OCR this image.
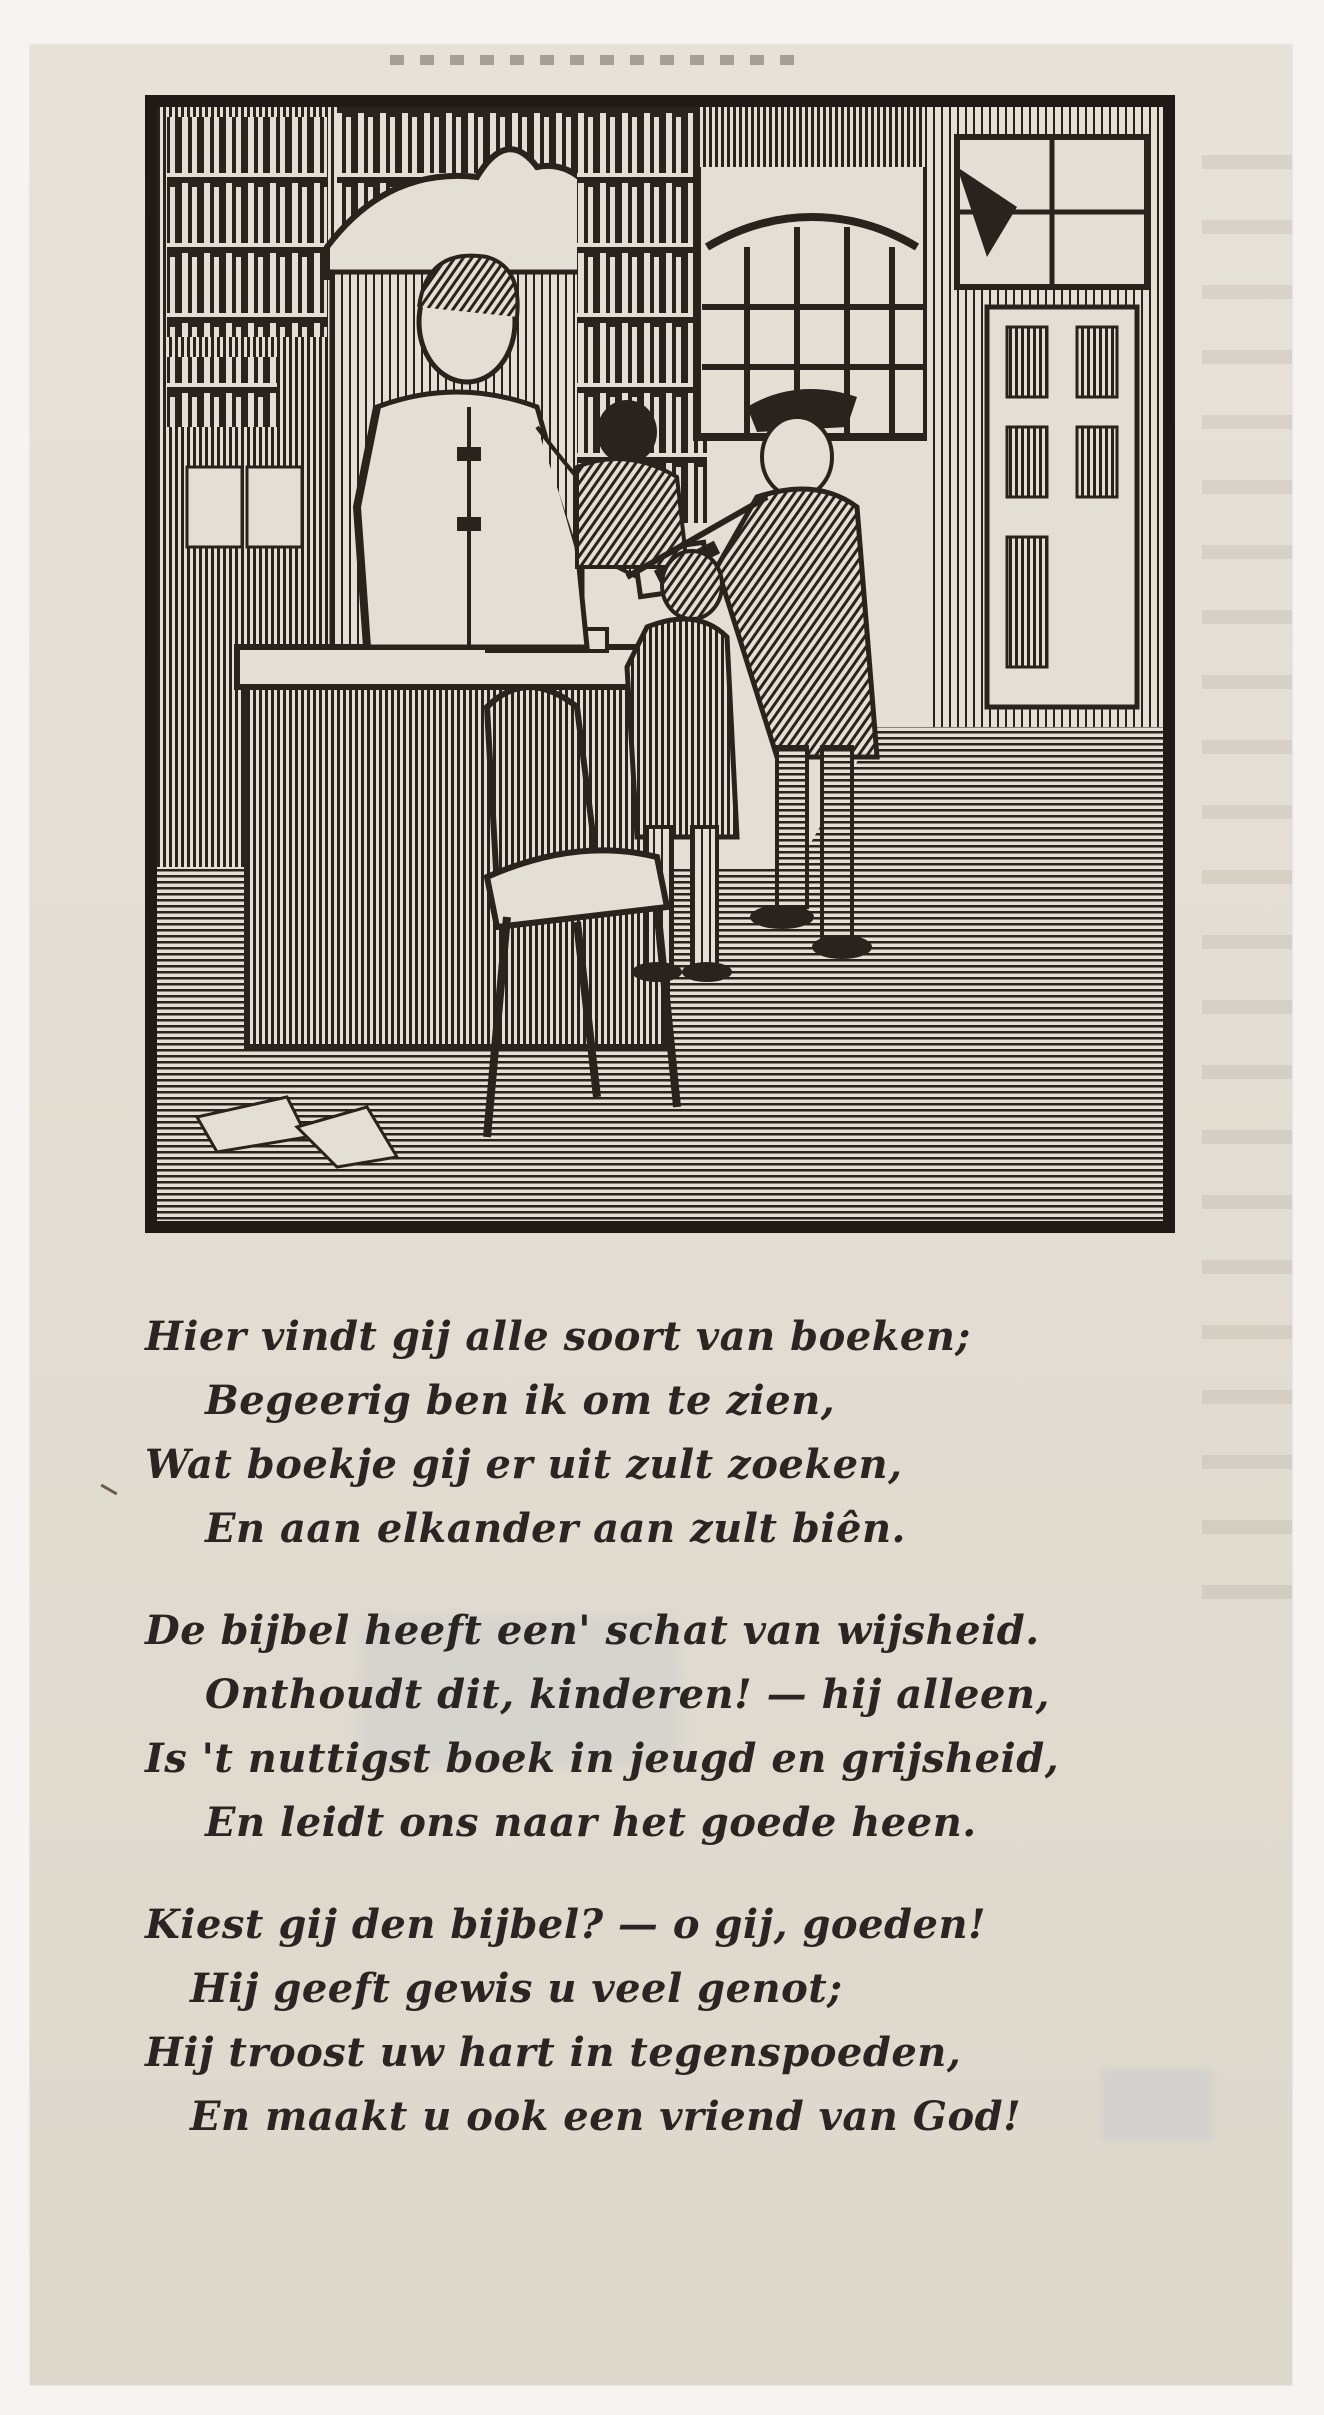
Hier vindt gij alle soort van boeken;
Begeerig ben ik om te zien,
Wat boekje gij er uit zult zoeken,
En aan elkander aan zult biên.
De bijbel heeft een' schat van wijsheid.
Onthoudt dit, kinderen! — hij alleen,
Is 't nuttigst boek in jeugd en grijsheid,
En leidt ons naar het goede heen.
Kiest gij den bijbel? — o gij, goeden!
Hij geeft gewis u veel genot;
Hij troost uw hart in tegenspoeden,
En maakt u ook een vriend van God!
